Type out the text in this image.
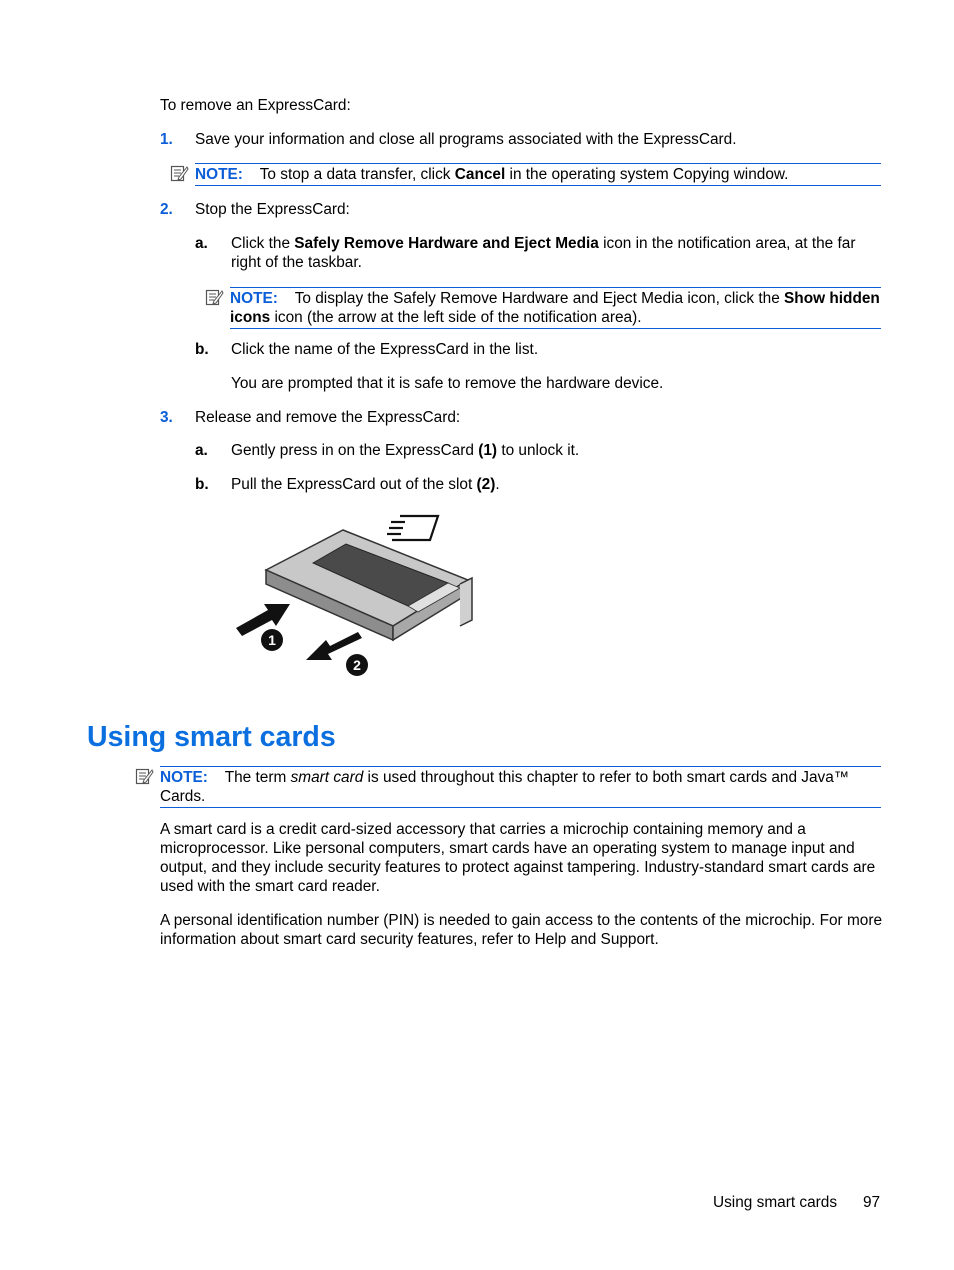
To remove an ExpressCard:
1. Save your information and close all programs associated with the ExpressCard.
NOTE: To stop a data transfer, click Cancel in the operating system Copying window.
2. Stop the ExpressCard:
a. Click the Safely Remove Hardware and Eject Media icon in the notification area, at the far right of the taskbar.
NOTE: To display the Safely Remove Hardware and Eject Media icon, click the Show hidden icons icon (the arrow at the left side of the notification area).
b. Click the name of the ExpressCard in the list.
You are prompted that it is safe to remove the hardware device.
3. Release and remove the ExpressCard:
a. Gently press in on the ExpressCard (1) to unlock it.
b. Pull the ExpressCard out of the slot (2).
1
2
Using smart cards
NOTE: The term smart card is used throughout this chapter to refer to both smart cards and Java™ Cards.
A smart card is a credit card-sized accessory that carries a microchip containing memory and a microprocessor. Like personal computers, smart cards have an operating system to manage input and output, and they include security features to protect against tampering. Industry-standard smart cards are used with the smart card reader.
A personal identification number (PIN) is needed to gain access to the contents of the microchip. For more information about smart card security features, refer to Help and Support.
Using smart cards 97
